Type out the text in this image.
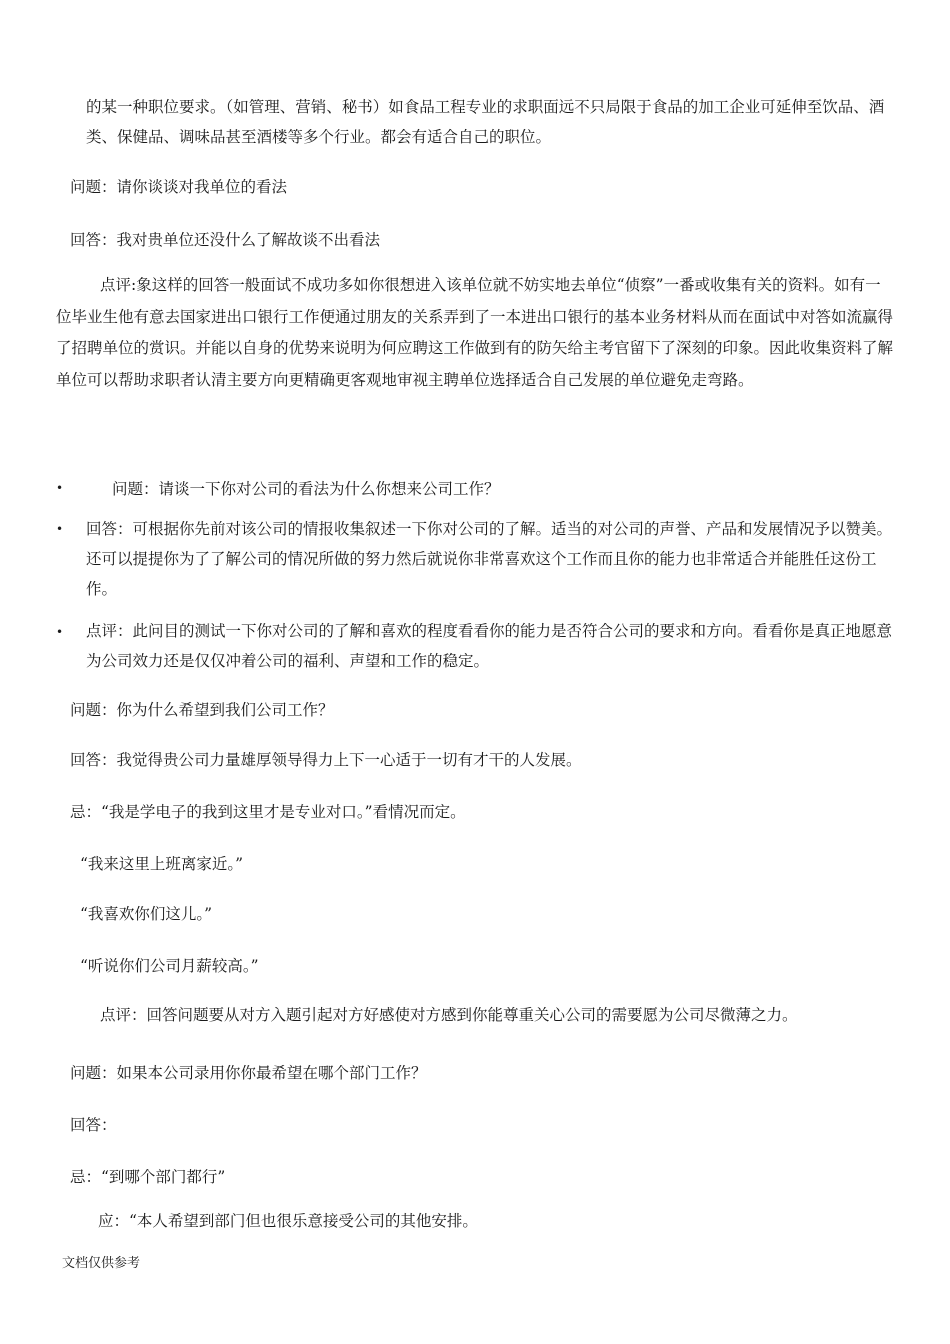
的某一种职位要求。（如管理、营销、秘书）如食品工程专业的求职面远不只局限于食品的加工企业可延伸至饮品、酒类、保健品、调味品甚至酒楼等多个行业。都会有适合自己的职位。

问题：请你谈谈对我单位的看法

回答：我对贵单位还没什么了解故谈不出看法

点评:象这样的回答一般面试不成功多如你很想进入该单位就不妨实地去单位“侦察”一番或收集有关的资料。如有一位毕业生他有意去国家进出口银行工作便通过朋友的关系弄到了一本进出口银行的基本业务材料从而在面试中对答如流赢得了招聘单位的赏识。并能以自身的优势来说明为何应聘这工作做到有的防矢给主考官留下了深刻的印象。因此收集资料了解单位可以帮助求职者认清主要方向更精确更客观地审视主聘单位选择适合自己发展的单位避免走弯路。

•	问题：请谈一下你对公司的看法为什么你想来公司工作？

• 回答：可根据你先前对该公司的情报收集叙述一下你对公司的了解。适当的对公司的声誉、产品和发展情况予以赞美。还可以提提你为了了解公司的情况所做的努力然后就说你非常喜欢这个工作而且你的能力也非常适合并能胜任这份工作。

• 点评：此问目的测试一下你对公司的了解和喜欢的程度看看你的能力是否符合公司的要求和方向。看看你是真正地愿意为公司效力还是仅仅冲着公司的福利、声望和工作的稳定。

问题：你为什么希望到我们公司工作？

回答：我觉得贵公司力量雄厚领导得力上下一心适于一切有才干的人发展。

忌：“我是学电子的我到这里才是专业对口。”看情况而定。

“我来这里上班离家近。”

“我喜欢你们这儿。”

“听说你们公司月薪较高。”

点评：回答问题要从对方入题引起对方好感使对方感到你能尊重关心公司的需要愿为公司尽微薄之力。

问题：如果本公司录用你你最希望在哪个部门工作？

回答：

忌：“到哪个部门都行”

应：“本人希望到部门但也很乐意接受公司的其他安排。

文档仅供参考
